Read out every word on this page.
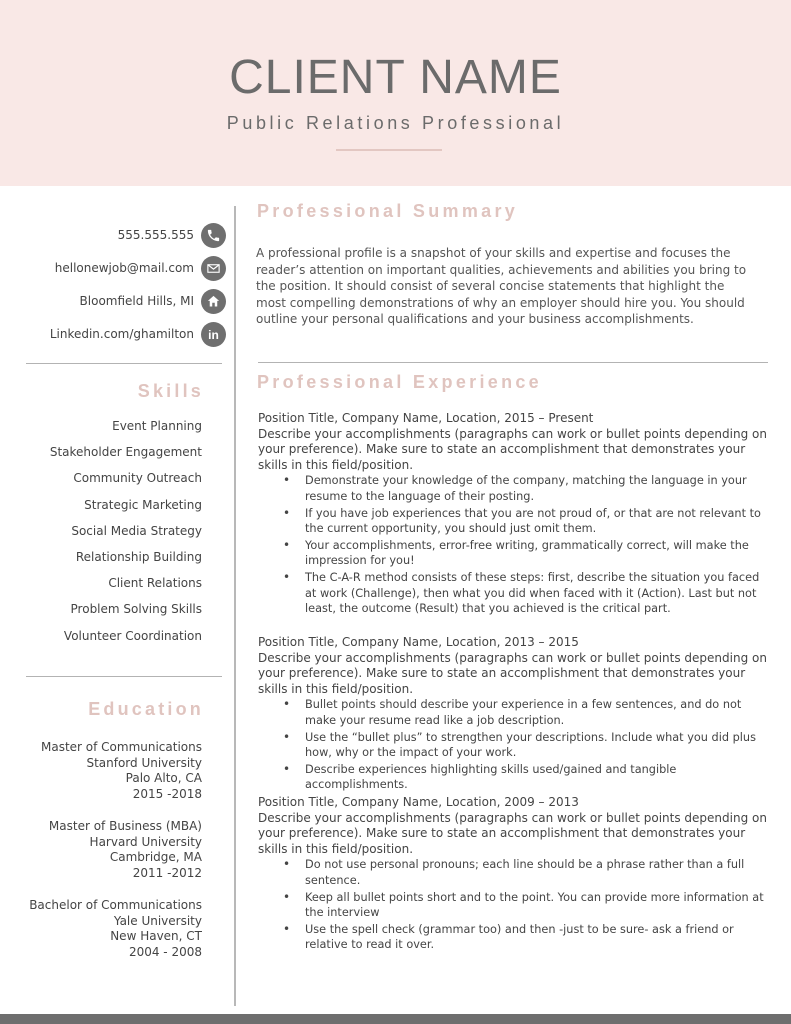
CLIENT NAME
Public Relations Professional
555.555.555
hellonewjob@mail.com
Bloomfield Hills, MI
Linkedin.com/ghamilton	in
Skills
Event Planning
Stakeholder Engagement
Community Outreach
Strategic Marketing
Social Media Strategy
Relationship Building
Client Relations
Problem Solving Skills
Volunteer Coordination
Education
Master of Communications
Stanford University
Palo Alto, CA
2015 -2018
Master of Business (MBA)
Harvard University
Cambridge, MA
2011 -2012
Bachelor of Communications
Yale University
New Haven, CT
2004 - 2008
Professional Summary
A professional profile is a snapshot of your skills and expertise and focuses the reader’s attention on important qualities, achievements and abilities you bring to the position. It should consist of several concise statements that highlight the most compelling demonstrations of why an employer should hire you. You should outline your personal qualifications and your business accomplishments.
Professional Experience
Position Title, Company Name, Location, 2015 – Present
Describe your accomplishments (paragraphs can work or bullet points depending on your preference). Make sure to state an accomplishment that demonstrates your skills in this field/position.
• Demonstrate your knowledge of the company, matching the language in your resume to the language of their posting.
• If you have job experiences that you are not proud of, or that are not relevant to the current opportunity, you should just omit them.
• Your accomplishments, error-free writing, grammatically correct, will make the impression for you!
• The C-A-R method consists of these steps: first, describe the situation you faced at work (Challenge), then what you did when faced with it (Action). Last but not least, the outcome (Result) that you achieved is the critical part.
Position Title, Company Name, Location, 2013 – 2015
Describe your accomplishments (paragraphs can work or bullet points depending on your preference). Make sure to state an accomplishment that demonstrates your skills in this field/position.
• Bullet points should describe your experience in a few sentences, and do not make your resume read like a job description.
• Use the “bullet plus” to strengthen your descriptions. Include what you did plus how, why or the impact of your work.
• Describe experiences highlighting skills used/gained and tangible accomplishments.
Position Title, Company Name, Location, 2009 – 2013
Describe your accomplishments (paragraphs can work or bullet points depending on your preference). Make sure to state an accomplishment that demonstrates your skills in this field/position.
• Do not use personal pronouns; each line should be a phrase rather than a full sentence.
• Keep all bullet points short and to the point. You can provide more information at the interview
• Use the spell check (grammar too) and then -just to be sure- ask a friend or relative to read it over.
